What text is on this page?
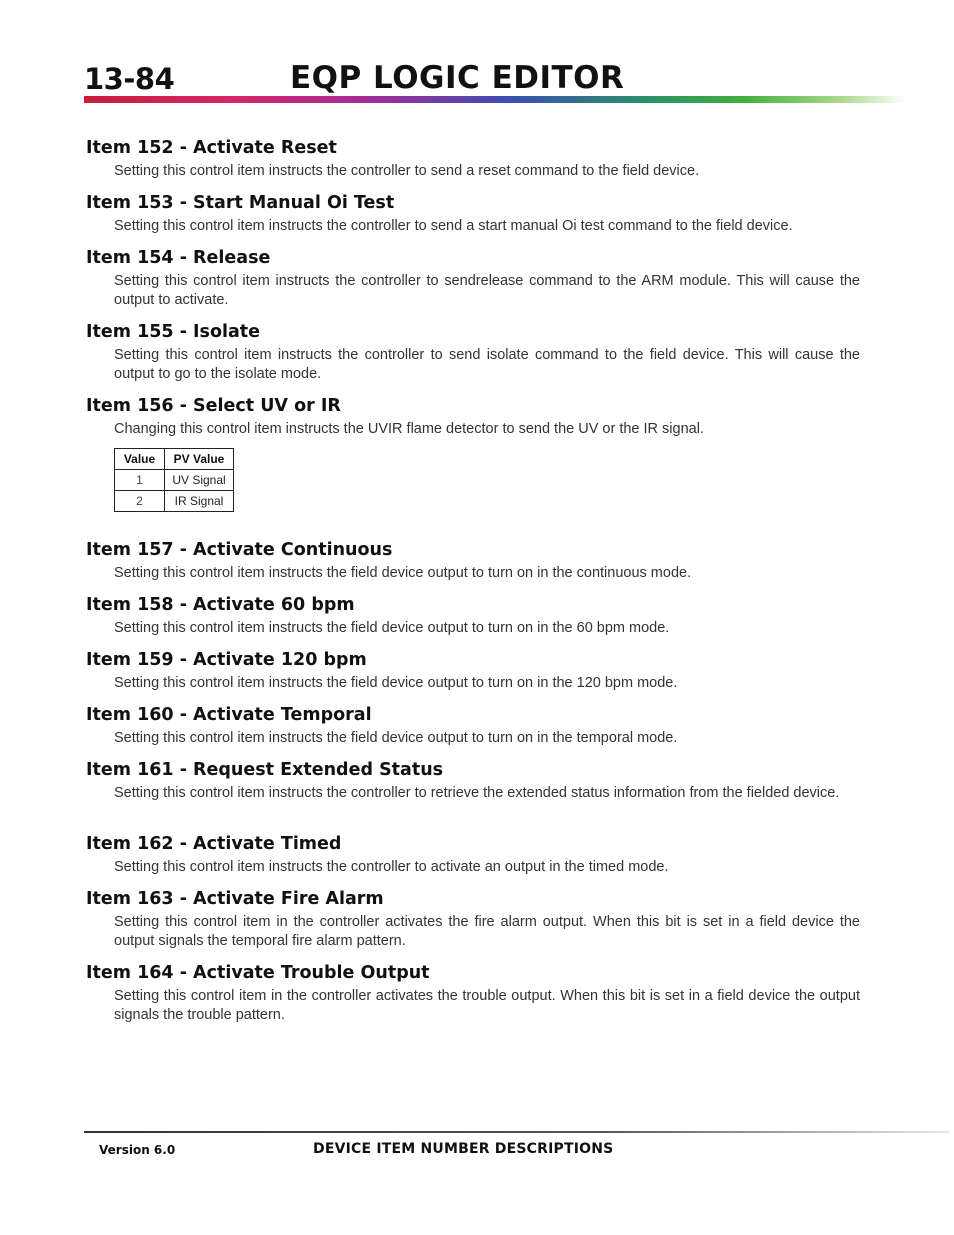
13-84	EQP LOGIC EDITOR
Item 152 - Activate Reset

Setting this control item instructs the controller to send a reset command to the field device.

Item 153 - Start Manual Oi Test

Setting this control item instructs the controller to send a start manual Oi test command to the field device.

Item 154 - Release

Setting this control item instructs the controller to sendrelease command to the ARM module. This will cause the output to activate.

Item 155 - Isolate

Setting this control item instructs the controller to send isolate command to the field device. This will cause the output to go to the isolate mode.

Item 156 - Select UV or IR

Changing this control item instructs the UVIR flame detector to send the UV or the IR signal.

Value	PV Value
1	UV Signal
2	IR Signal
Item 157 - Activate Continuous

Setting this control item instructs the field device output to turn on in the continuous mode.

Item 158 - Activate 60 bpm

Setting this control item instructs the field device output to turn on in the 60 bpm mode.

Item 159 - Activate 120 bpm

Setting this control item instructs the field device output to turn on in the 120 bpm mode.

Item 160 - Activate Temporal

Setting this control item instructs the field device output to turn on in the temporal mode.

Item 161 - Request Extended Status

Setting this control item instructs the controller to retrieve the extended status information from the fielded device.

Item 162 - Activate Timed

Setting this control item instructs the controller to activate an output in the timed mode.

Item 163 - Activate Fire Alarm

Setting this control item in the controller activates the fire alarm output. When this bit is set in a field device the output signals the temporal fire alarm pattern.

Item 164 - Activate Trouble Output

Setting this control item in the controller activates the trouble output. When this bit is set in a field device the output signals the trouble pattern.

Version 6.0	DEVICE ITEM NUMBER DESCRIPTIONS
